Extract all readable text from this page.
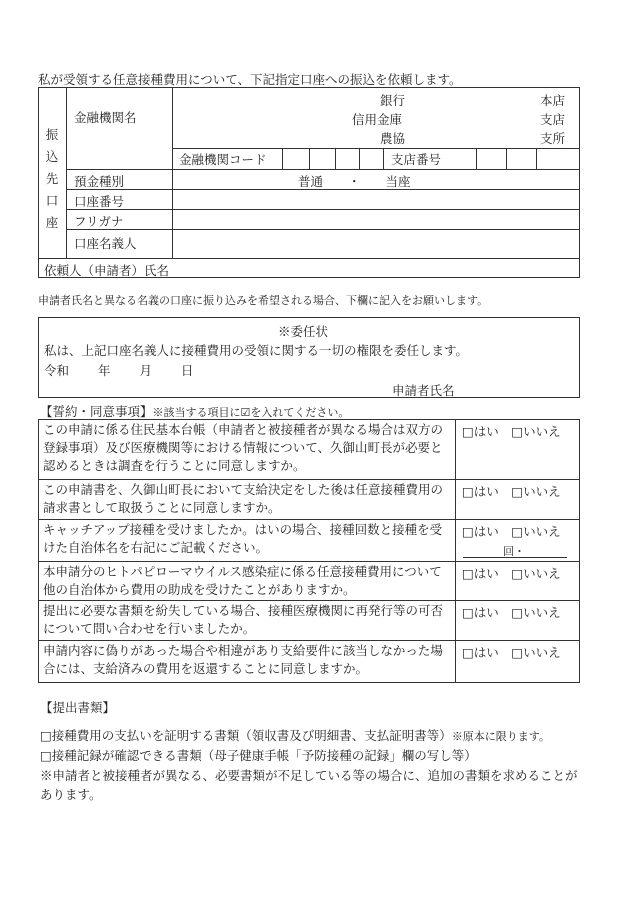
私が受領する任意接種費用について、下記指定口座への振込を依頼します。
振
込
先
口
座
金融機関名
銀行
信用金庫
農協
本店
支店
支所
金融機関コード	支店番号
預金種別	普通　　・　　当座
口座番号
フリガナ
口座名義人
依頼人（申請者）氏名
申請者氏名と異なる名義の口座に振り込みを希望される場合、下欄に記入をお願いします。
※委任状
私は、上記口座名義人に接種費用の受領に関する一切の権限を委任します。
令和　　 年　　 月　　 日
申請者氏名
【誓約・同意事項】※該当する項目に☑を入れてください。
この申請に係る住民基本台帳（申請者と被接種者が異なる場合は双方の登録事項）及び医療機関等における情報について、久御山町長が必要と認めるときは調査を行うことに同意しますか。
□はい　□いいえ
この申請書を、久御山町長において支給決定をした後は任意接種費用の請求書として取扱うことに同意しますか。
□はい　□いいえ
キャッチアップ接種を受けましたか。はいの場合、接種回数と接種を受けた自治体名を右記にご記載ください。
□はい　□いいえ
回・
本申請分のヒトパピローマウイルス感染症に係る任意接種費用について他の自治体から費用の助成を受けたことがありますか。
□はい　□いいえ
提出に必要な書類を紛失している場合、接種医療機関に再発行等の可否について問い合わせを行いましたか。
□はい　□いいえ
申請内容に偽りがあった場合や相違があり支給要件に該当しなかった場合には、支給済みの費用を返還することに同意しますか。
□はい　□いいえ
【提出書類】
□接種費用の支払いを証明する書類（領収書及び明細書、支払証明書等）※原本に限ります。
□接種記録が確認できる書類（母子健康手帳「予防接種の記録」欄の写し等）
※申請者と被接種者が異なる、必要書類が不足している等の場合に、追加の書類を求めることがあります。
